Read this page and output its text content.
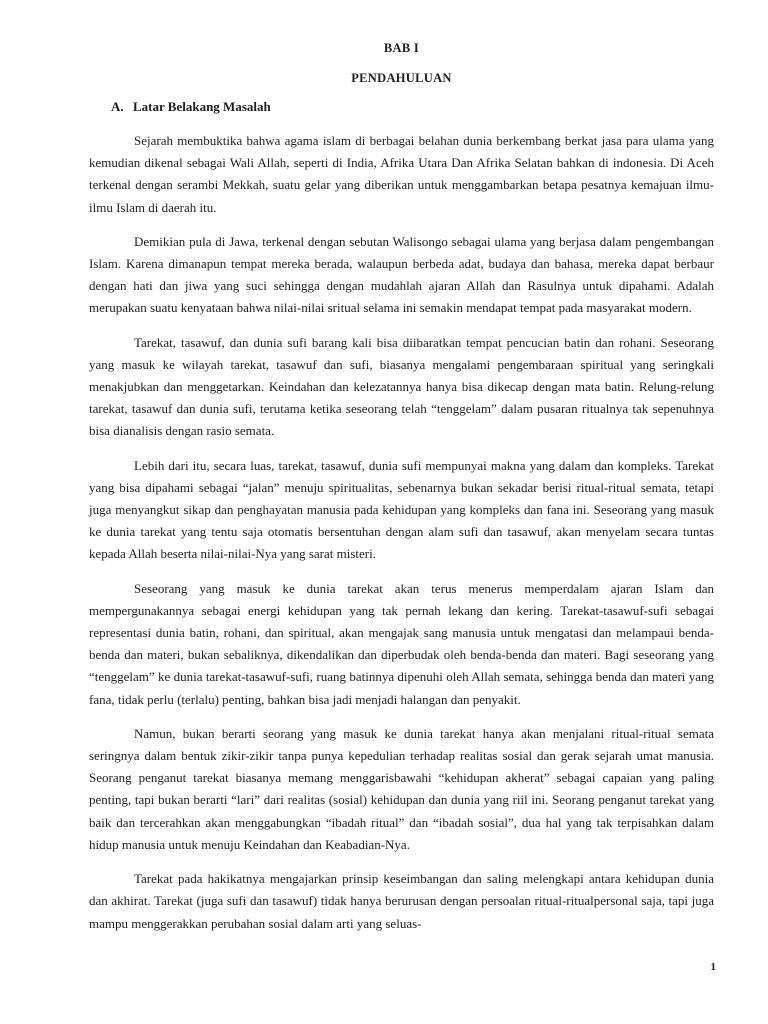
BAB I
PENDAHULUAN
A. Latar Belakang Masalah

Sejarah membuktika bahwa agama islam di berbagai belahan dunia berkembang berkat jasa para ulama yang kemudian dikenal sebagai Wali Allah, seperti di India, Afrika Utara Dan Afrika Selatan bahkan di indonesia. Di Aceh terkenal dengan serambi Mekkah, suatu gelar yang diberikan untuk menggambarkan betapa pesatnya kemajuan ilmu-ilmu Islam di daerah itu.

Demikian pula di Jawa, terkenal dengan sebutan Walisongo sebagai ulama yang berjasa dalam pengembangan Islam. Karena dimanapun tempat mereka berada, walaupun berbeda adat, budaya dan bahasa, mereka dapat berbaur dengan hati dan jiwa yang suci sehingga dengan mudahlah ajaran Allah dan Rasulnya untuk dipahami. Adalah merupakan suatu kenyataan bahwa nilai-nilai sritual selama ini semakin mendapat tempat pada masyarakat modern.

Tarekat, tasawuf, dan dunia sufi barang kali bisa diibaratkan tempat pencucian batin dan rohani. Seseorang yang masuk ke wilayah tarekat, tasawuf dan sufi, biasanya mengalami pengembaraan spiritual yang seringkali menakjubkan dan menggetarkan. Keindahan dan kelezatannya hanya bisa dikecap dengan mata batin. Relung-relung tarekat, tasawuf dan dunia sufi, terutama ketika seseorang telah “tenggelam” dalam pusaran ritualnya tak sepenuhnya bisa dianalisis dengan rasio semata.

Lebih dari itu, secara luas, tarekat, tasawuf, dunia sufi mempunyai makna yang dalam dan kompleks. Tarekat yang bisa dipahami sebagai “jalan” menuju spiritualitas, sebenarnya bukan sekadar berisi ritual-ritual semata, tetapi juga menyangkut sikap dan penghayatan manusia pada kehidupan yang kompleks dan fana ini. Seseorang yang masuk ke dunia tarekat yang tentu saja otomatis bersentuhan dengan alam sufi dan tasawuf, akan menyelam secara tuntas kepada Allah beserta nilai-nilai-Nya yang sarat misteri.

Seseorang yang masuk ke dunia tarekat akan terus menerus memperdalam ajaran Islam dan mempergunakannya sebagai energi kehidupan yang tak pernah lekang dan kering. Tarekat-tasawuf-sufi sebagai representasi dunia batin, rohani, dan spiritual, akan mengajak sang manusia untuk mengatasi dan melampaui benda-benda dan materi, bukan sebaliknya, dikendalikan dan diperbudak oleh benda-benda dan materi. Bagi seseorang yang “tenggelam” ke dunia tarekat-tasawuf-sufi, ruang batinnya dipenuhi oleh Allah semata, sehingga benda dan materi yang fana, tidak perlu (terlalu) penting, bahkan bisa jadi menjadi halangan dan penyakit.

Namun, bukan berarti seorang yang masuk ke dunia tarekat hanya akan menjalani ritual-ritual semata seringnya dalam bentuk zikir-zikir tanpa punya kepedulian terhadap realitas sosial dan gerak sejarah umat manusia. Seorang penganut tarekat biasanya memang menggarisbawahi “kehidupan akherat” sebagai capaian yang paling penting, tapi bukan berarti “lari” dari realitas (sosial) kehidupan dan dunia yang riil ini. Seorang penganut tarekat yang baik dan tercerahkan akan menggabungkan “ibadah ritual” dan “ibadah sosial”, dua hal yang tak terpisahkan dalam hidup manusia untuk menuju Keindahan dan Keabadian-Nya.

Tarekat pada hakikatnya mengajarkan prinsip keseimbangan dan saling melengkapi antara kehidupan dunia dan akhirat. Tarekat (juga sufi dan tasawuf) tidak hanya berurusan dengan persoalan ritual-ritualpersonal saja, tapi juga mampu menggerakkan perubahan sosial dalam arti yang seluas-

1
